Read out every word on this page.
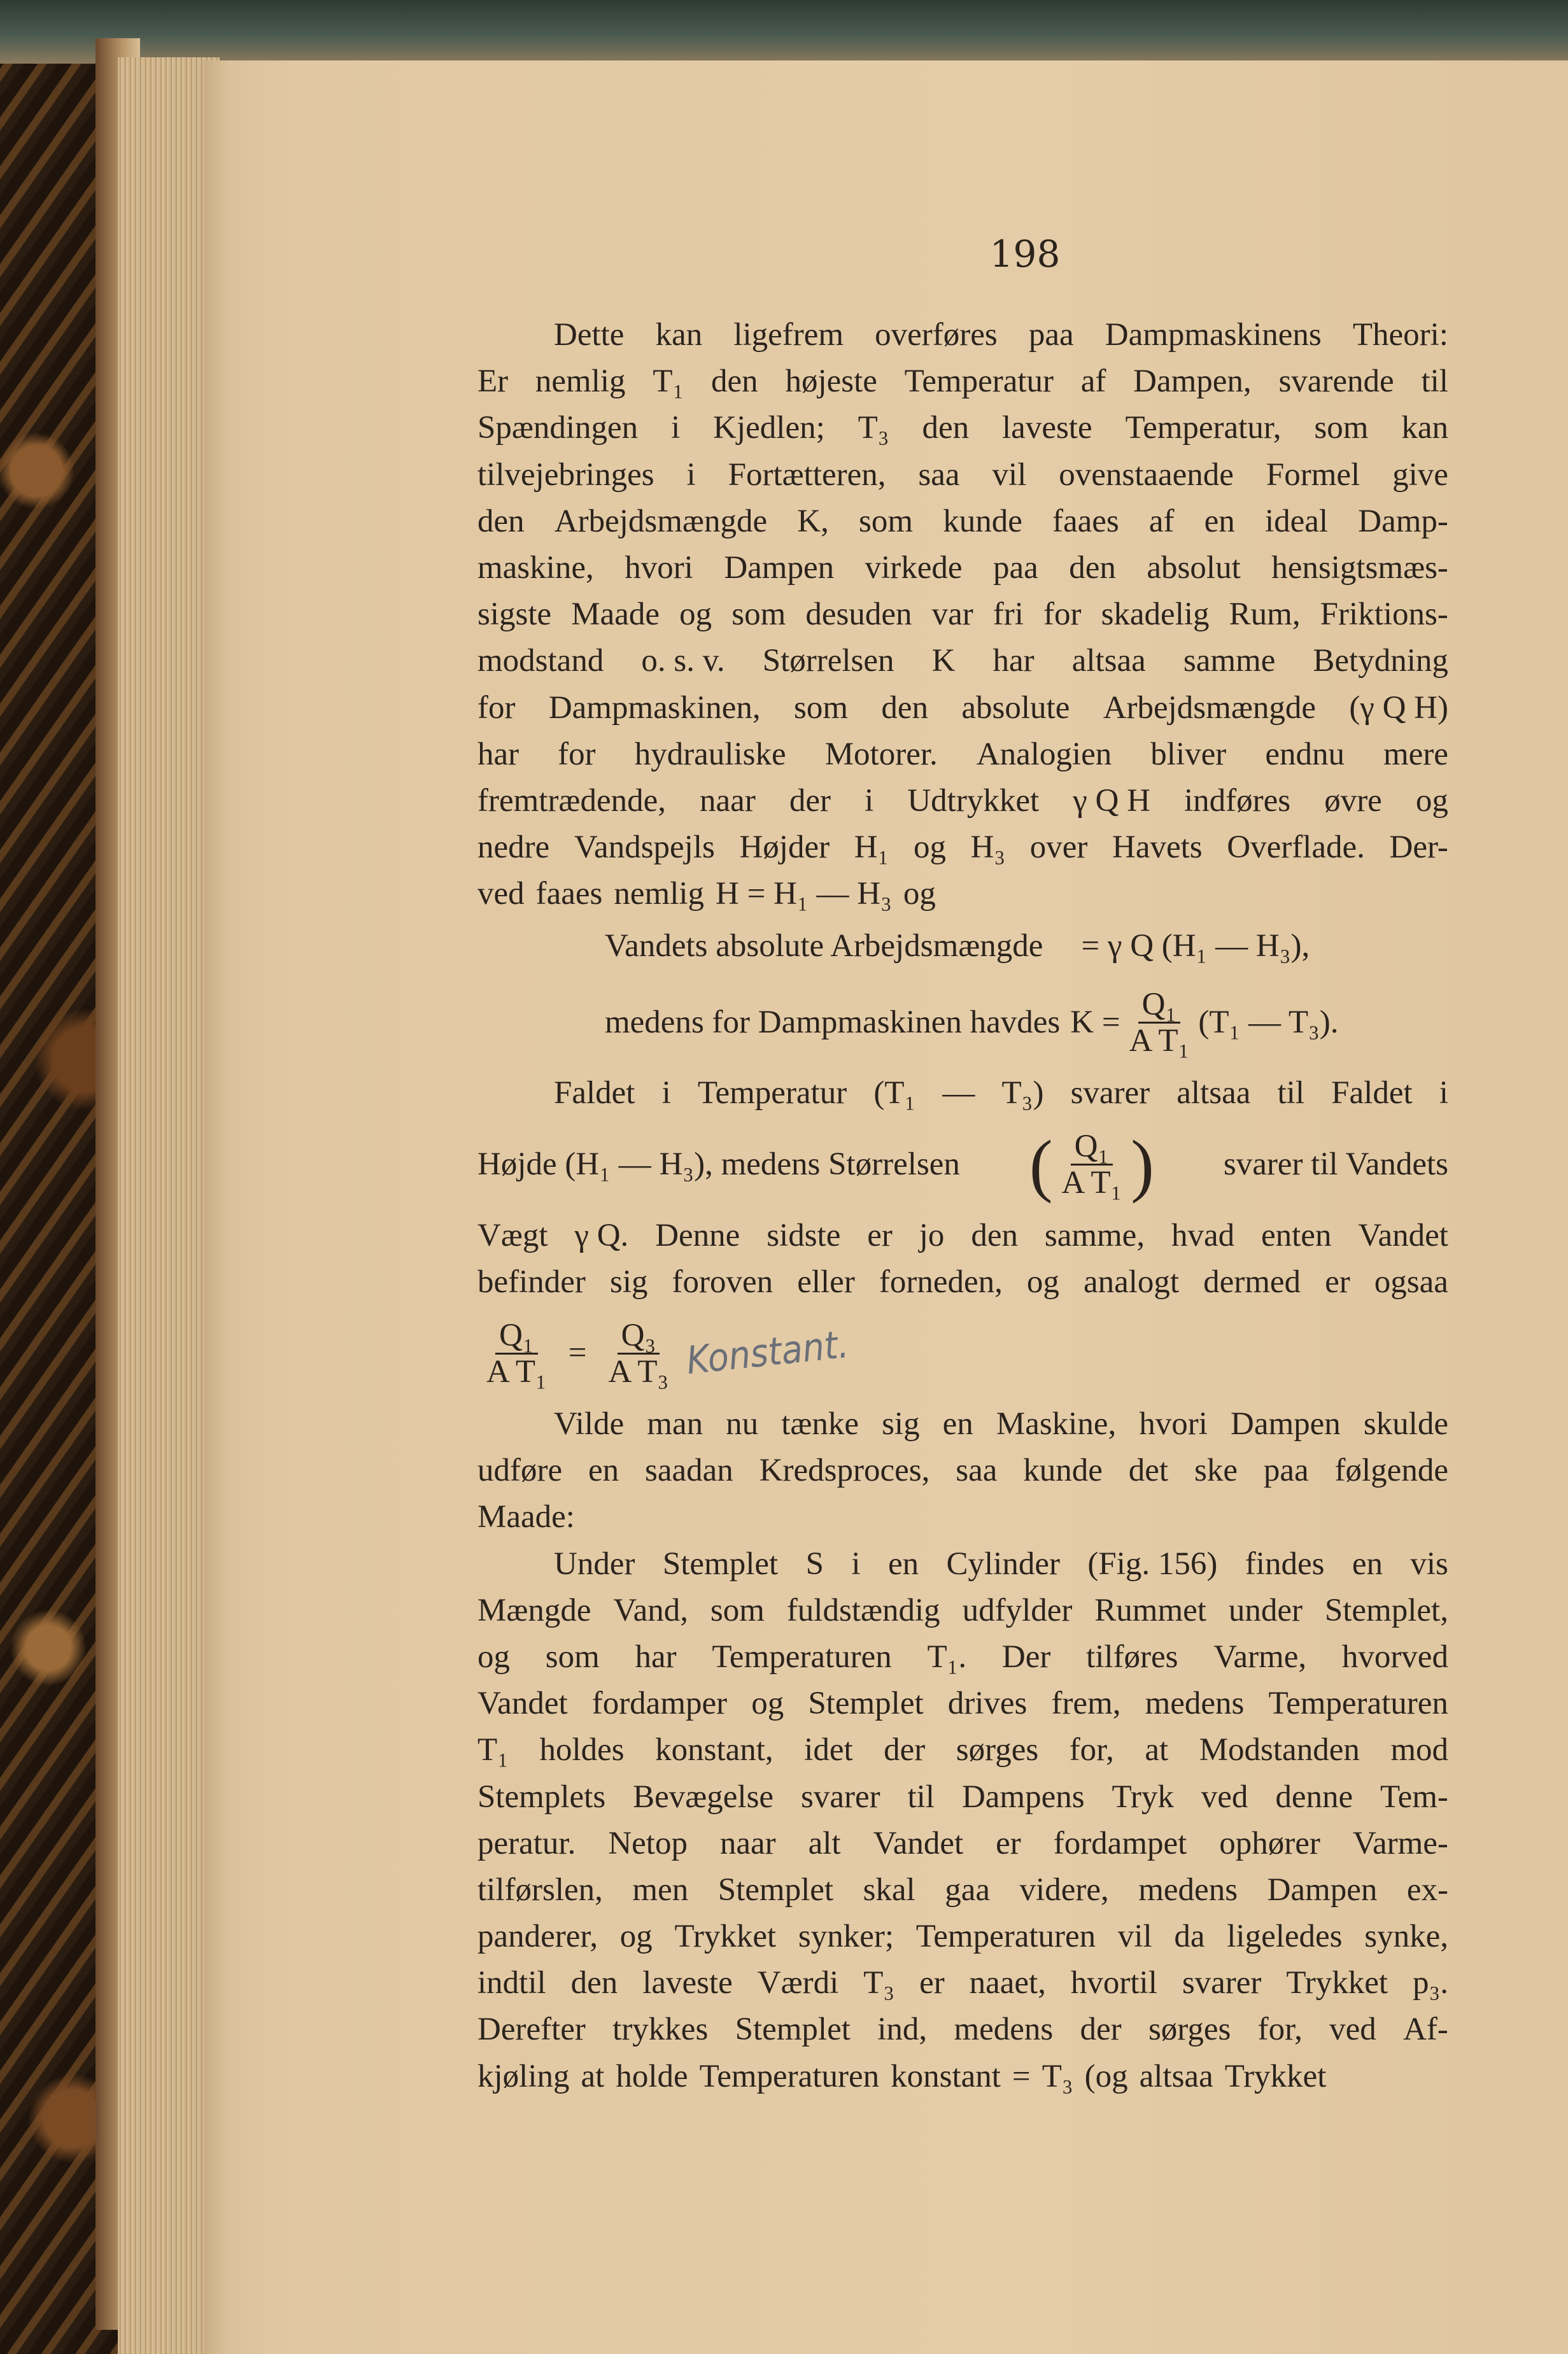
198
Dette kan ligefrem overføres paa Dampmaskinens Theori:
Er nemlig T₁ den højeste Temperatur af Dampen, svarende til
Spændingen i Kjedlen; T₃ den laveste Temperatur, som kan
tilvejebringes i Fortætteren, saa vil ovenstaaende Formel give
den Arbejdsmængde K, som kunde faaes af en ideal Damp-
maskine, hvori Dampen virkede paa den absolut hensigtsmæs-
sigste Maade og som desuden var fri for skadelig Rum, Friktions-
modstand o. s. v. Størrelsen K har altsaa samme Betydning
for Dampmaskinen, som den absolute Arbejdsmængde (γ Q H)
har for hydrauliske Motorer. Analogien bliver endnu mere
fremtrædende, naar der i Udtrykket γ Q H indføres øvre og
nedre Vandspejls Højder H₁ og H₃ over Havets Overflade. Der-
ved faaes nemlig H = H₁ — H₃ og
Vandets absolute Arbejdsmængde = γ Q (H₁ — H₃),
medens for Dampmaskinen havdes $K = \frac{\text{Q₁}}{\text{A T₁}} (T_1$ — T₃).
Faldet i Temperatur (T₁ — T₃) svarer altsaa til Faldet i
Højde (H₁ — H₃), medens Størrelsen ( $\frac{\text{Q₁}}{\text{A T₁}}$ ) svarer til Vandets
Vægt γ Q. Denne sidste er jo den samme, hvad enten Vandet
befinder sig foroven eller forneden, og analogt dermed er ogsaa
$\frac{\text{Q₁}}{\text{A T₁}} = \frac{\text{Q₃}}{\text{A T₃}}$ Konstant.
Vilde man nu tænke sig en Maskine, hvori Dampen skulde
udføre en saadan Kredsproces, saa kunde det ske paa følgende
Maade:
Under Stemplet S i en Cylinder (Fig. 156) findes en vis
Mængde Vand, som fuldstændig udfylder Rummet under Stemplet,
og som har Temperaturen T₁. Der tilføres Varme, hvorved
Vandet fordamper og Stemplet drives frem, medens Temperaturen
T₁ holdes konstant, idet der sørges for, at Modstanden mod
Stemplets Bevægelse svarer til Dampens Tryk ved denne Tem-
peratur. Netop naar alt Vandet er fordampet ophører Varme-
tilførslen, men Stemplet skal gaa videre, medens Dampen ex-
panderer, og Trykket synker; Temperaturen vil da ligeledes synke,
indtil den laveste Værdi T₃ er naaet, hvortil svarer Trykket p₃.
Derefter trykkes Stemplet ind, medens der sørges for, ved Af-
kjøling at holde Temperaturen konstant = T₃ (og altsaa Trykket
